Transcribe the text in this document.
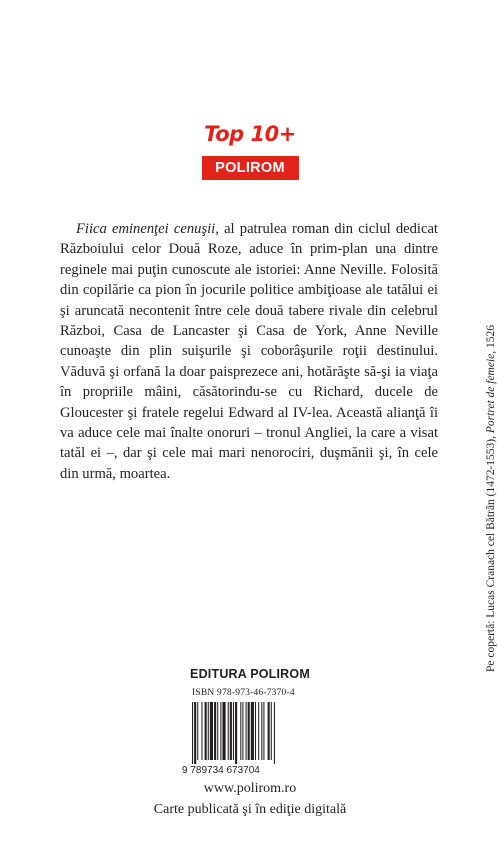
Top 10+
POLIROM

Fiica eminenţei cenuşii, al patrulea roman din ciclul dedicat Războiului celor Două Roze, aduce în prim-plan una dintre reginele mai puţin cunoscute ale istoriei: Anne Neville. Folosită din copilărie ca pion în jocurile politice ambiţioase ale tatălui ei şi aruncată necontenit între cele două tabere rivale din celebrul Război, Casa de Lancaster şi Casa de York, Anne Neville cunoaşte din plin suişurile şi coborâşurile roţii destinului. Văduvă şi orfană la doar paisprezece ani, hotărăşte să-şi ia viaţa în propriile mâini, căsătorindu-se cu Richard, ducele de Gloucester şi fratele regelui Edward al IV-lea. Această alianţă îi va aduce cele mai înalte onoruri – tronul Angliei, la care a visat tatăl ei –, dar şi cele mai mari nenorociri, duşmănii şi, în cele din urmă, moartea.	Pe copertă: Lucas Cranach cel Bătrân (1472-1553), Portret de femeie, 1526
EDITURA POLIROM
ISBN 978-973-46-7370-4
9 789734 673704
www.polirom.ro
Carte publicată şi în ediţie digitală
